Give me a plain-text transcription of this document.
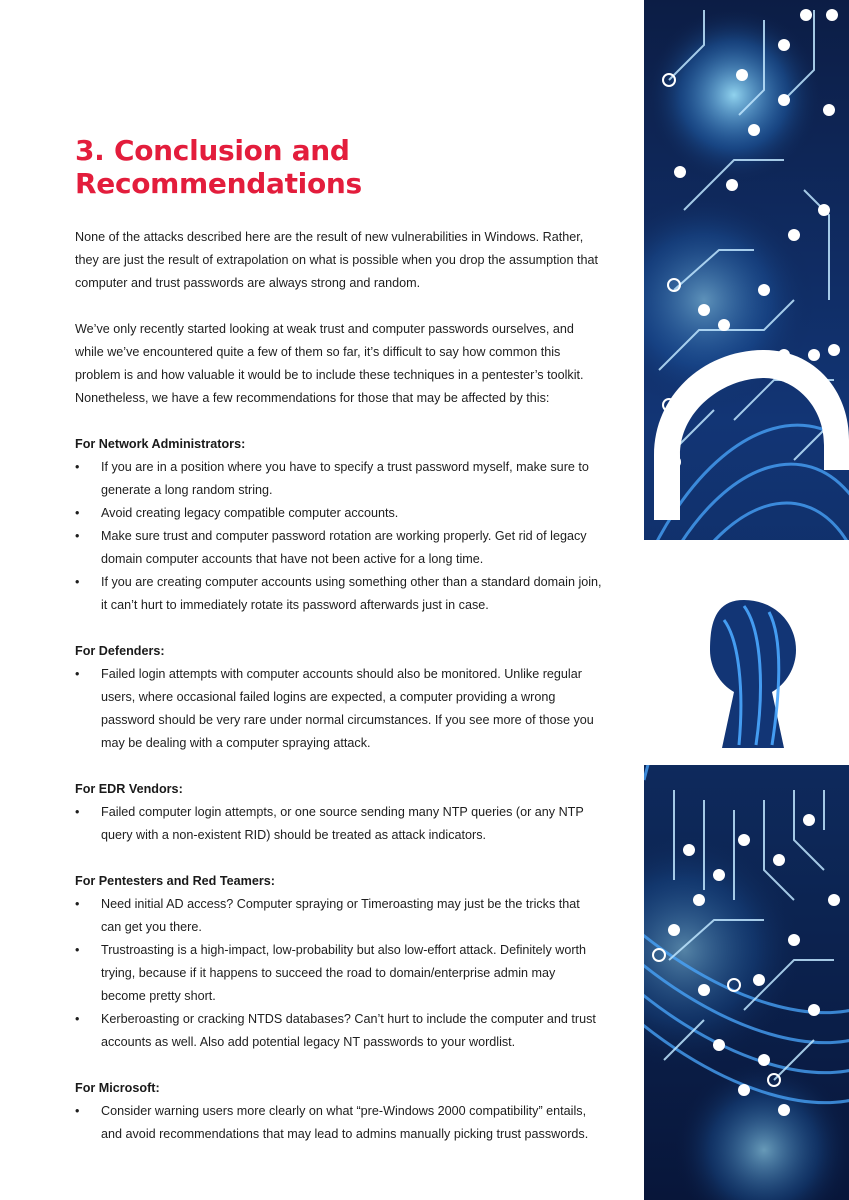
3. Conclusion and Recommendations

None of the attacks described here are the result of new vulnerabilities in Windows. Rather, they are just the result of extrapolation on what is possible when you drop the assumption that computer and trust passwords are always strong and random.

We’ve only recently started looking at weak trust and computer passwords ourselves, and while we’ve encountered quite a few of them so far, it’s difficult to say how common this problem is and how valuable it would be to include these techniques in a pentester’s toolkit. Nonetheless, we have a few recommendations for those that may be affected by this:

For Network Administrators:
• If you are in a position where you have to specify a trust password myself, make sure to generate a long random string.
• Avoid creating legacy compatible computer accounts.
• Make sure trust and computer password rotation are working properly. Get rid of legacy domain computer accounts that have not been active for a long time.
• If you are creating computer accounts using something other than a standard domain join, it can’t hurt to immediately rotate its password afterwards just in case.
For Defenders:
• Failed login attempts with computer accounts should also be monitored. Unlike regular users, where occasional failed logins are expected, a computer providing a wrong password should be very rare under normal circumstances. If you see more of those you may be dealing with a computer spraying attack.
For EDR Vendors:
• Failed computer login attempts, or one source sending many NTP queries (or any NTP query with a non-existent RID) should be treated as attack indicators.
For Pentesters and Red Teamers:
• Need initial AD access? Computer spraying or Timeroasting may just be the tricks that can get you there.
• Trustroasting is a high-impact, low-probability but also low-effort attack. Definitely worth trying, because if it happens to succeed the road to domain/enterprise admin may become pretty short.
• Kerberoasting or cracking NTDS databases? Can’t hurt to include the computer and trust accounts as well. Also add potential legacy NT passwords to your wordlist.
For Microsoft:
• Consider warning users more clearly on what “pre-Windows 2000 compatibility” entails, and avoid recommendations that may lead to admins manually picking trust passwords.
